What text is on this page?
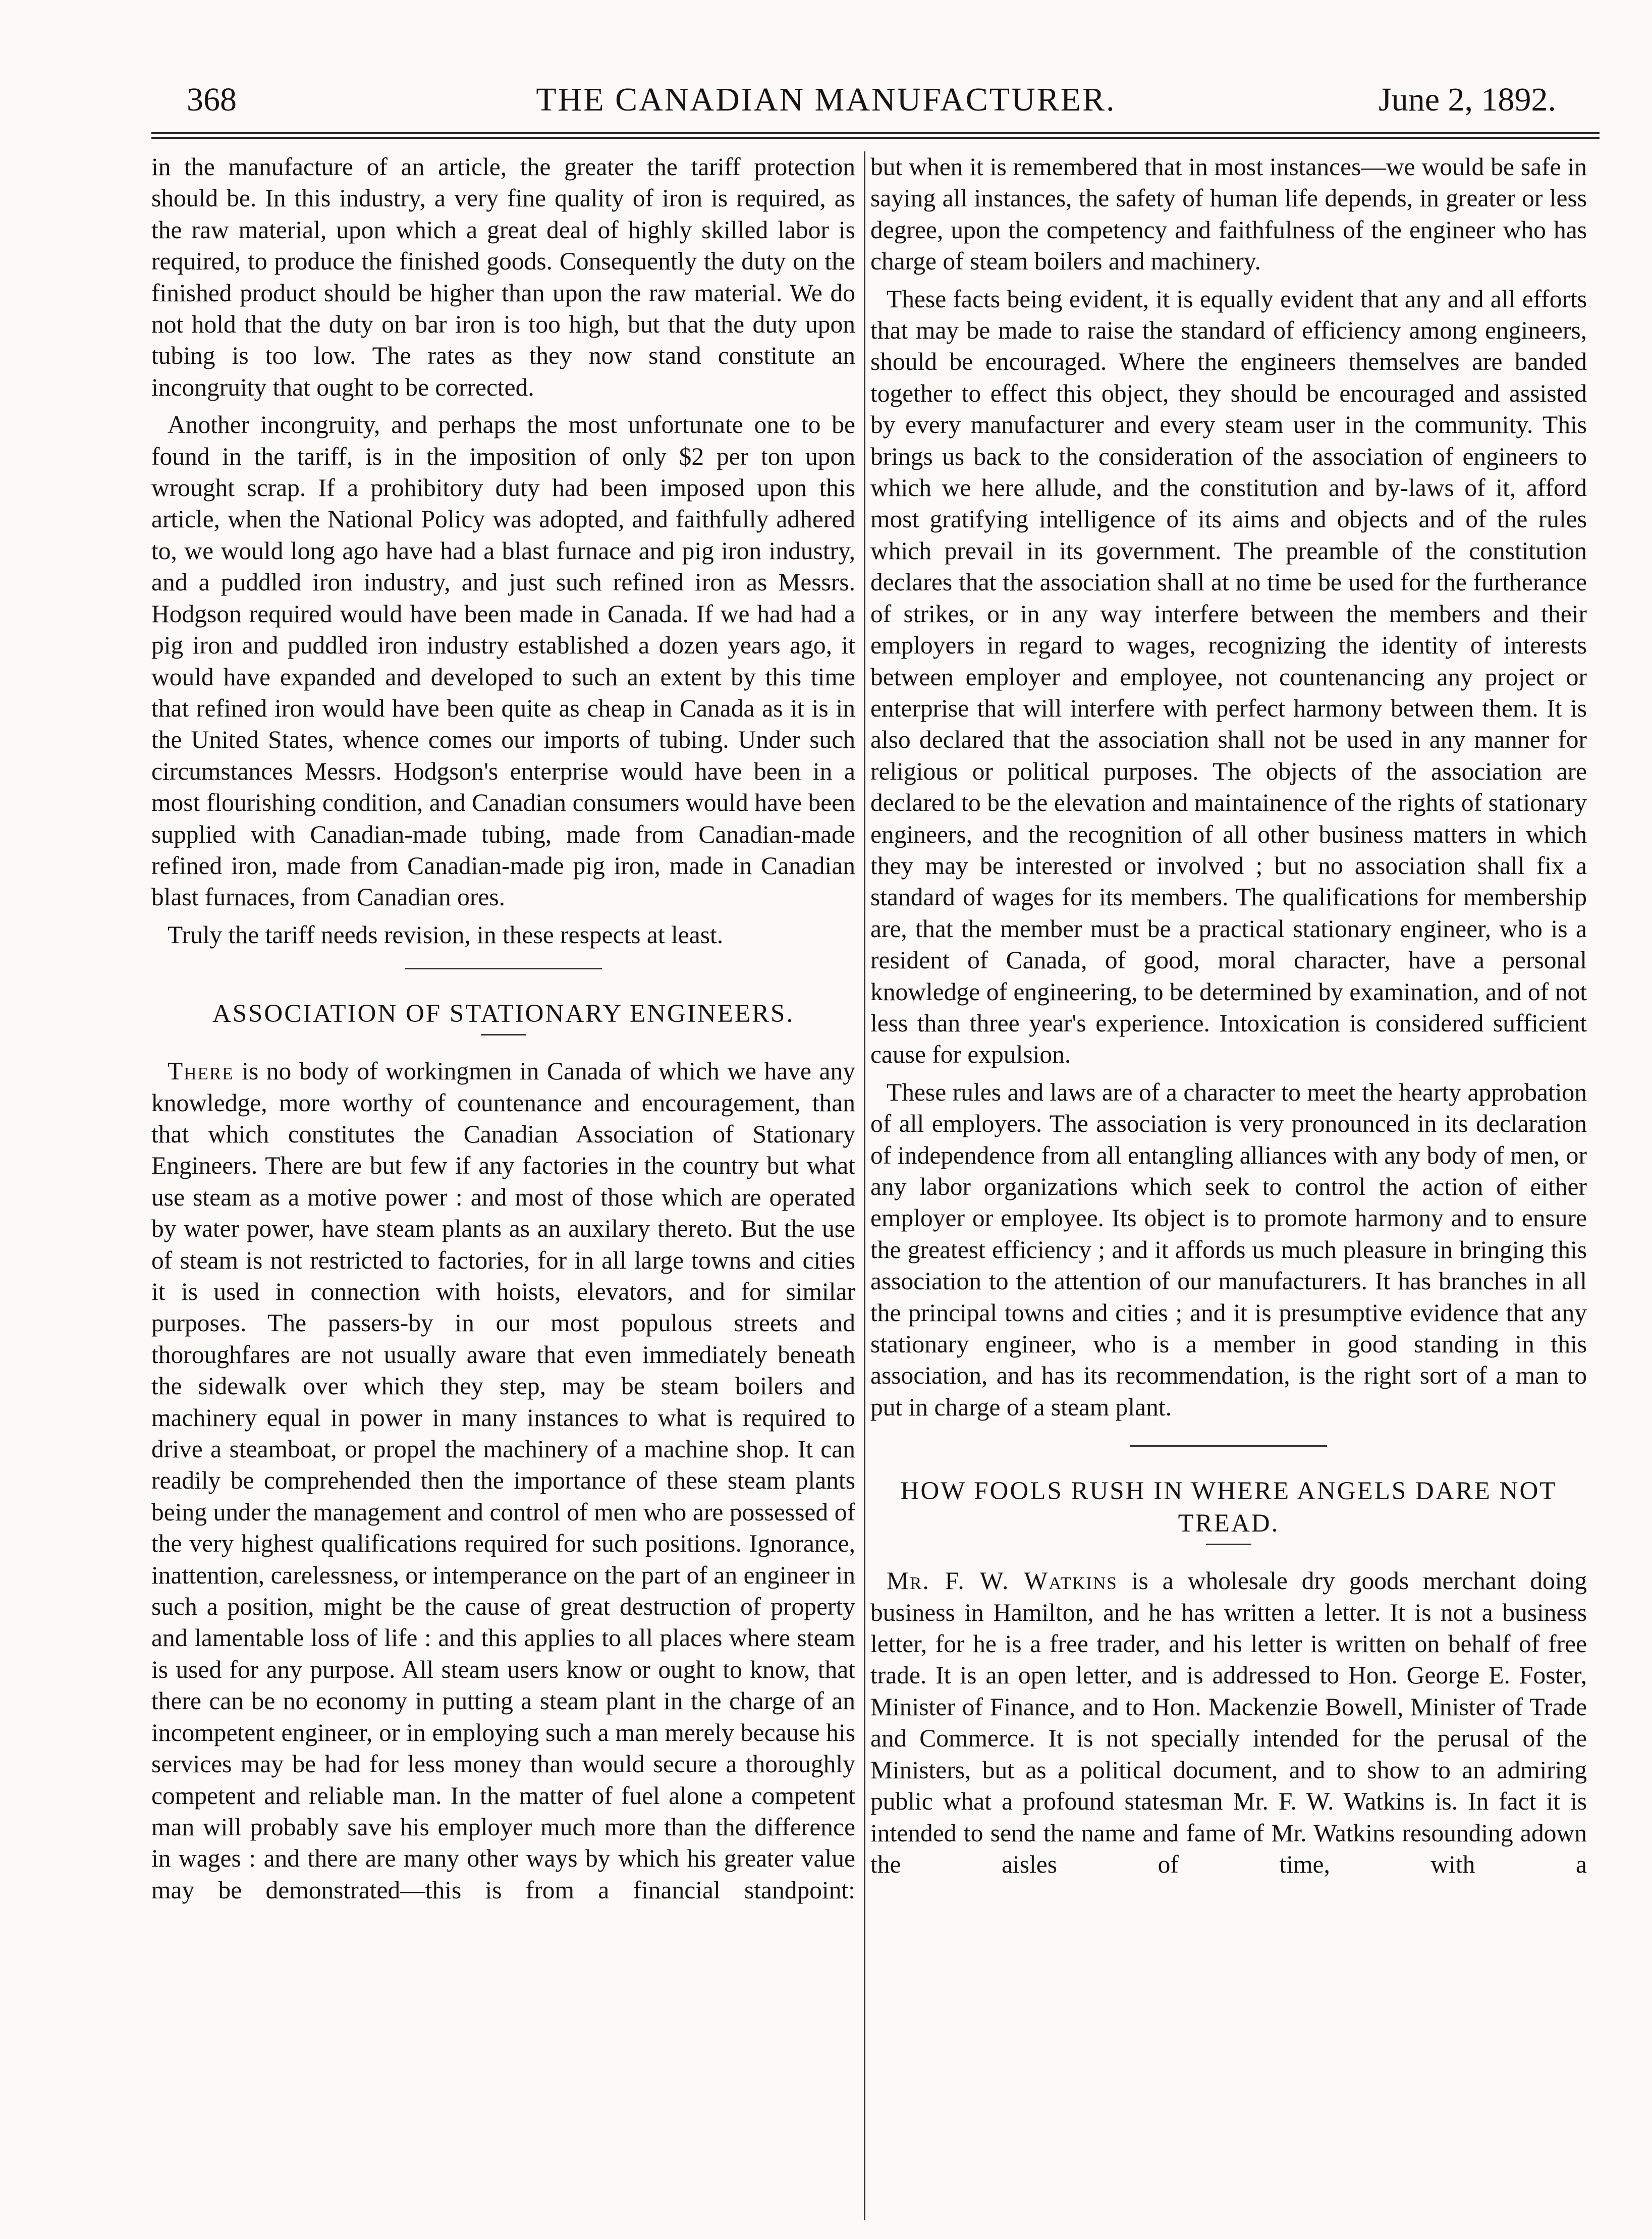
368	THE CANADIAN MANUFACTURER.	June 2, 1892.

in the manufacture of an article, the greater the tariff protection should be. In this industry, a very fine quality of iron is required, as the raw material, upon which a great deal of highly skilled labor is required, to produce the finished goods. Consequently the duty on the finished product should be higher than upon the raw material. We do not hold that the duty on bar iron is too high, but that the duty upon tubing is too low. The rates as they now stand constitute an incongruity that ought to be corrected.

Another incongruity, and perhaps the most unfortunate one to be found in the tariff, is in the imposition of only $2 per ton upon wrought scrap. If a prohibitory duty had been imposed upon this article, when the National Policy was adopted, and faithfully adhered to, we would long ago have had a blast furnace and pig iron industry, and a puddled iron industry, and just such refined iron as Messrs. Hodgson required would have been made in Canada. If we had had a pig iron and puddled iron industry established a dozen years ago, it would have expanded and developed to such an extent by this time that refined iron would have been quite as cheap in Canada as it is in the United States, whence comes our imports of tubing. Under such circumstances Messrs. Hodgson's enterprise would have been in a most flourishing condition, and Canadian consumers would have been supplied with Canadian-made tubing, made from Canadian-made refined iron, made from Canadian-made pig iron, made in Canadian blast furnaces, from Canadian ores.

Truly the tariff needs revision, in these respects at least.

ASSOCIATION OF STATIONARY ENGINEERS.

There is no body of workingmen in Canada of which we have any knowledge, more worthy of countenance and encouragement, than that which constitutes the Canadian Association of Stationary Engineers. There are but few if any factories in the country but what use steam as a motive power : and most of those which are operated by water power, have steam plants as an auxilary thereto. But the use of steam is not restricted to factories, for in all large towns and cities it is used in connection with hoists, elevators, and for similar purposes. The passers-by in our most populous streets and thoroughfares are not usually aware that even immediately beneath the sidewalk over which they step, may be steam boilers and machinery equal in power in many instances to what is required to drive a steamboat, or propel the machinery of a machine shop. It can readily be comprehended then the importance of these steam plants being under the management and control of men who are possessed of the very highest qualifications required for such positions. Ignorance, inattention, carelessness, or intemperance on the part of an engineer in such a position, might be the cause of great destruction of property and lamentable loss of life : and this applies to all places where steam is used for any purpose. All steam users know or ought to know, that there can be no economy in putting a steam plant in the charge of an incompetent engineer, or in employing such a man merely because his services may be had for less money than would secure a thoroughly competent and reliable man. In the matter of fuel alone a competent man will probably save his employer much more than the difference in wages : and there are many other ways by which his greater value may be demonstrated—this is from a financial standpoint:

but when it is remembered that in most instances—we would be safe in saying all instances, the safety of human life depends, in greater or less degree, upon the competency and faithfulness of the engineer who has charge of steam boilers and machinery.

These facts being evident, it is equally evident that any and all efforts that may be made to raise the standard of efficiency among engineers, should be encouraged. Where the engineers themselves are banded together to effect this object, they should be encouraged and assisted by every manufacturer and every steam user in the community. This brings us back to the consideration of the association of engineers to which we here allude, and the constitution and by-laws of it, afford most gratifying intelligence of its aims and objects and of the rules which prevail in its government. The preamble of the constitution declares that the association shall at no time be used for the furtherance of strikes, or in any way interfere between the members and their employers in regard to wages, recognizing the identity of interests between employer and employee, not countenancing any project or enterprise that will interfere with perfect harmony between them. It is also declared that the association shall not be used in any manner for religious or political purposes. The objects of the association are declared to be the elevation and maintainence of the rights of stationary engineers, and the recognition of all other business matters in which they may be interested or involved ; but no association shall fix a standard of wages for its members. The qualifications for membership are, that the member must be a practical stationary engineer, who is a resident of Canada, of good, moral character, have a personal knowledge of engineering, to be determined by examination, and of not less than three year's experience. Intoxication is considered sufficient cause for expulsion.

These rules and laws are of a character to meet the hearty approbation of all employers. The association is very pronounced in its declaration of independence from all entangling alliances with any body of men, or any labor organizations which seek to control the action of either employer or employee. Its object is to promote harmony and to ensure the greatest efficiency ; and it affords us much pleasure in bringing this association to the attention of our manufacturers. It has branches in all the principal towns and cities ; and it is presumptive evidence that any stationary engineer, who is a member in good standing in this association, and has its recommendation, is the right sort of a man to put in charge of a steam plant.

HOW FOOLS RUSH IN WHERE ANGELS DARE NOT TREAD.

Mr. F. W. Watkins is a wholesale dry goods merchant doing business in Hamilton, and he has written a letter. It is not a business letter, for he is a free trader, and his letter is written on behalf of free trade. It is an open letter, and is addressed to Hon. George E. Foster, Minister of Finance, and to Hon. Mackenzie Bowell, Minister of Trade and Commerce. It is not specially intended for the perusal of the Ministers, but as a political document, and to show to an admiring public what a profound statesman Mr. F. W. Watkins is. In fact it is intended to send the name and fame of Mr. Watkins resounding adown the aisles of time, with a
